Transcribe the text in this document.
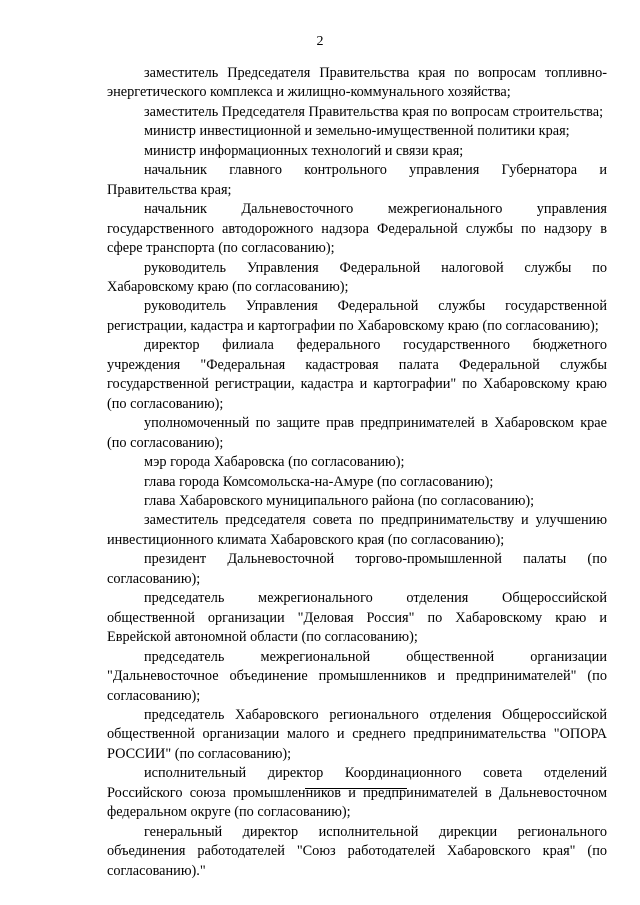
2

заместитель Председателя Правительства края по вопросам топливно-энергетического комплекса и жилищно-коммунального хозяйства;

заместитель Председателя Правительства края по вопросам строительства;

министр инвестиционной и земельно-имущественной политики края;

министр информационных технологий и связи края;

начальник главного контрольного управления Губернатора и Правительства края;

начальник Дальневосточного межрегионального управления государственного автодорожного надзора Федеральной службы по надзору в сфере транспорта (по согласованию);

руководитель Управления Федеральной налоговой службы по Хабаровскому краю (по согласованию);

руководитель Управления Федеральной службы государственной регистрации, кадастра и картографии по Хабаровскому краю (по согласованию);

директор филиала федерального государственного бюджетного учреждения "Федеральная кадастровая палата Федеральной службы государственной регистрации, кадастра и картографии" по Хабаровскому краю (по согласованию);

уполномоченный по защите прав предпринимателей в Хабаровском крае (по согласованию);

мэр города Хабаровска (по согласованию);

глава города Комсомольска-на-Амуре (по согласованию);

глава Хабаровского муниципального района (по согласованию);

заместитель председателя совета по предпринимательству и улучшению инвестиционного климата Хабаровского края (по согласованию);

президент Дальневосточной торгово-промышленной палаты (по согласованию);

председатель межрегионального отделения Общероссийской общественной организации "Деловая Россия" по Хабаровскому краю и Еврейской автономной области (по согласованию);

председатель межрегиональной общественной организации "Дальневосточное объединение промышленников и предпринимателей" (по согласованию);

председатель Хабаровского регионального отделения Общероссийской общественной организации малого и среднего предпринимательства "ОПОРА РОССИИ" (по согласованию);

исполнительный директор Координационного совета отделений Российского союза промышленников и предпринимателей в Дальневосточном федеральном округе (по согласованию);

генеральный директор исполнительной дирекции регионального объединения работодателей "Союз работодателей Хабаровского края" (по согласованию)."
